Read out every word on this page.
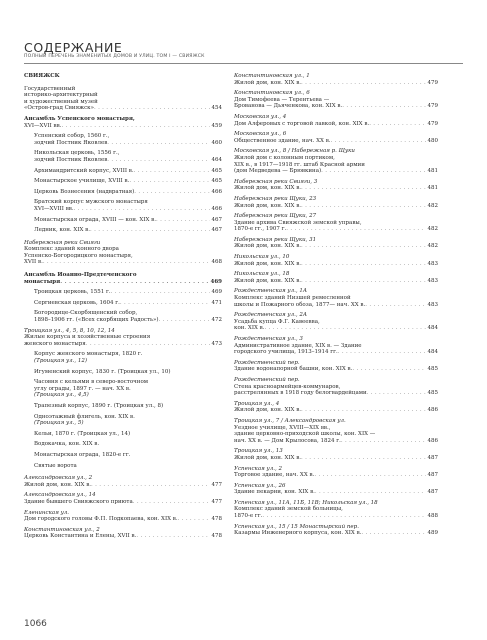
СОДЕРЖАНИЕ
ПОЛНЫЙ ПЕРЕЧЕНЬ ЗНАМЕНИТЫХ ДОМОВ И УЛИЦ. ТОМ I — СВИЯЖСК
СВИЯЖСК
Государственный
историко-архитектурный
и художественный музей
«Остров-град Свияжск» . . .	454
Ансамбль Успенского монастыря,
XVI—XVII вв. . . .	459
Успенский собор, 1560 г.,
зодчий Постник Яковлев . . .	460
Никольская церковь, 1556 г.,
зодчий Постник Яковлев . . .	464
Архимандритский корпус, XVIII в. . . .	465
Монастырское училище, XVIII в. . . .	465
Церковь Вознесения (надвратная) . . .	466
Братский корпус мужского монастыря
XVI—XVIII вв. . . .	466
Монастырская ограда, XVIII — кон. XIX в. . . .	467
Ледник, кон. XIX в. . . .	467
Набережная реки Свияги
Комплекс зданий конного двора
Успенско-Богородицкого монастыря,
XVII в. . . .	468
Ансамбль Иоанно-Предтеченского
монастыря . . .	469
Троицкая церковь, 1551 г. . . .	469
Сергиевская церковь, 1604 г. . . .	471
Богородице-Скорбященский собор,
1898–1906 гг. («Всех скорбящих Радость») . . .	472
Троицкая ул., 4, 5, 8, 10, 12, 14
Жилые корпуса и хозяйственные строения
женского монастыря . . .	473
Корпус женского монастыря, 1820 г.
(Троицкая ул., 12)
Игуменский корпус, 1830 г. (Троицкая ул., 10)
Часовня с кельями в северо-восточном
углу ограды, 1897 г. — нач. XX в.
(Троицкая ул., 4,5)
Трапезный корпус, 1890 г. (Троицкая ул., 8)
Одноэтажный флигель, кон. XIX в.
(Троицкая ул., 5)
Кельи, 1870 г. (Троицкая ул., 14)
Водокачка, кон. XIX в.
Монастырская ограда, 1820-е гг.
Святые ворота
Александровская ул., 2
Жилой дом, кон. XIX в. . . .	477
Александровская ул., 14
Здание бывшего Свияжского приюта . . .	477
Еленинская ул.
Дом городского головы Ф.П. Подкопаева, кон. XIX в. . . .	478
Константиновская ул., 2
Церковь Константина и Елены, XVII в. . . .	478
Константиновская ул., 1
Жилой дом, кон. XIX в. . . .	479
Константиновская ул., 6
Дом Тимофеева — Терентьева —
Брованова — Дьяченкова, кон. XIX в. . . .	479
Московская ул., 4
Дом Алферовых с торговой лавкой, кон. XIX в. . . .	479
Московская ул., 6
Общественное здание, нач. XX в. . . .	480
Московская ул., 8 / Набережная р. Щуки
Жилой дом с колонным портиком,
XIX в., в 1917—1918 гг. штаб Красной армии
(дом Медведева — Брювкина) . . .	481
Набережная реки Свияги, 3
Жилой дом, кон. XIX в. . . .	481
Набережная реки Щуки, 23
Жилой дом, кон. XIX в. . . .	482
Набережная реки Щуки, 27
Здание архива Свияжской земской управы,
1870-е гг., 1907 г. . . .	482
Набережная реки Щуки, 31
Жилой дом, кон. XIX в. . . .	482
Никольская ул., 10
Жилой дом, кон. XIX в. . . .	483
Никольская ул., 18
Жилой дом, кон. XIX в. . . .	483
Рождественская ул., 1А
Комплекс зданий Низшей ремесленной
школы и Пожарного обоза, 1877— нач. XX в. . . .	483
Рождественская ул., 2А
Усадьба купца Ф.Г. Кавеевва,
кон. XIX в. . . .	484
Рождественская ул., 3
Административное здание, XIX в. — Здание
городского училища, 1913–1914 гг. . . .	484
Рождественский пер.
Здание водонапорной башни, кон. XIX в. . . .	485
Рождественский пер.
Стена красноармейцев-коммунаров,
расстрелянных в 1918 году белогвардейцами . . .	485
Троицкая ул., 4
Жилой дом, кон. XIX в. . . .	486
Троицкая ул., 7 / Александровская ул.
Уездное училище, XVIII—XIX вв.,
здание церковно-приходской школы, кон. XIX —
нач. XX в. — Дом Крылосова, 1824 г. . . .	486
Троицкая ул., 13
Жилой дом, кон. XIX в. . . .	487
Успенская ул., 2
Торговое здание, нач. XX в. . . .	487
Успенская ул., 26
Здание пекарни, кон. XIX в. . . .	487
Успенская ул., 11А, 11Б, 11В; Никольская ул., 18
Комплекс зданий земской больницы,
1870-е гг. . . .	488
Успенская ул., 15 / 15 Монастырский пер.
Казармы Инженерного корпуса, кон. XIX в. . . .	489
1066
